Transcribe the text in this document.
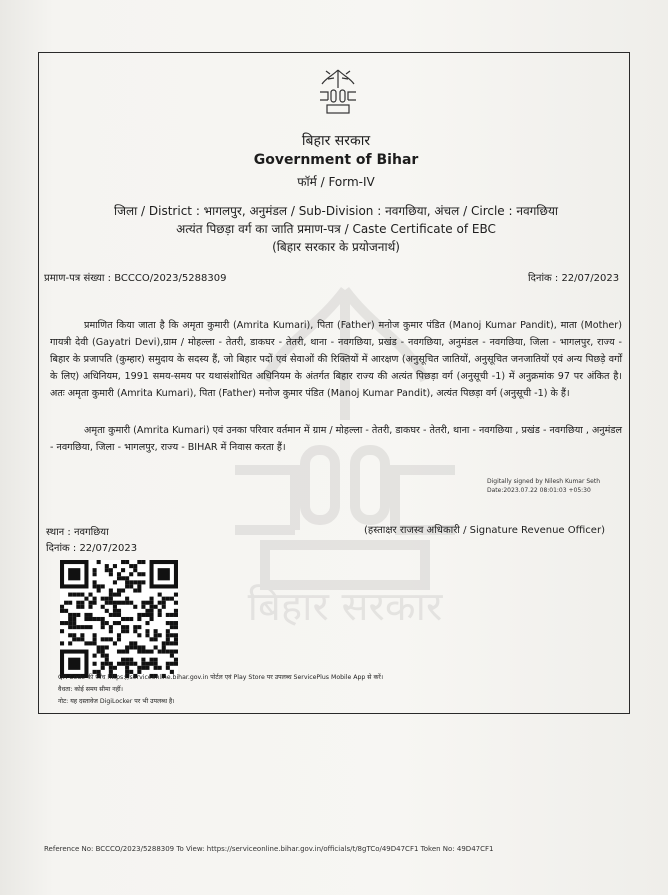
बिहार सरकार
बिहार सरकार
Government of Bihar
फॉर्म / Form-IV
जिला / District : भागलपुर, अनुमंडल / Sub-Division : नवगछिया, अंचल / Circle : नवगछिया
अत्यंत पिछड़ा वर्ग का जाति प्रमाण-पत्र / Caste Certificate of EBC
(बिहार सरकार के प्रयोजनार्थ)
प्रमाण-पत्र संख्या : BCCCO/2023/5288309	दिनांक : 22/07/2023
प्रमाणित किया जाता है कि अमृता कुमारी (Amrita Kumari), पिता (Father) मनोज कुमार पंडित (Manoj Kumar Pandit), माता (Mother) गायत्री देवी (Gayatri Devi),ग्राम / मोहल्ला - तेतरी, डाकघर - तेतरी, थाना - नवगछिया, प्रखंड - नवगछिया, अनुमंडल - नवगछिया, जिला - भागलपुर, राज्य - बिहार के प्रजापति (कुम्हार) समुदाय के सदस्य हैं, जो बिहार पदों एवं सेवाओं की रिक्तियों में आरक्षण (अनुसूचित जातियों, अनुसूचित जनजातियों एवं अन्य पिछड़े वर्गों के लिए) अधिनियम, 1991 समय-समय पर यथासंशोधित अधिनियम के अंतर्गत बिहार राज्य की अत्यंत पिछड़ा वर्ग (अनुसूची -1) में अनुक्रमांक 97 पर अंकित है। अतः अमृता कुमारी (Amrita Kumari), पिता (Father) मनोज कुमार पंडित (Manoj Kumar Pandit), अत्यंत पिछड़ा वर्ग (अनुसूची -1) के हैं।
अमृता कुमारी (Amrita Kumari) एवं उनका परिवार वर्तमान में ग्राम / मोहल्ला - तेतरी, डाकघर - तेतरी, थाना - नवगछिया , प्रखंड - नवगछिया , अनुमंडल - नवगछिया, जिला - भागलपुर, राज्य - BIHAR में निवास करता हैं।
Digitally signed by Nilesh Kumar Seth
Date:2023.07.22 08:01:03 +05:30
स्थान : नवगछिया
दिनांक : 22/07/2023
(हस्ताक्षर राजस्व अधिकारी / Signature Revenue Officer)
QR Code की जाँच https://serviceonline.bihar.gov.in पोर्टल एवं Play Store पर उपलब्ध ServicePlus Mobile App से करें।
वैधता: कोई समय सीमा नहीं।
नोट: यह दस्तावेज DigiLocker पर भी उपलब्ध है।
Reference No: BCCCO/2023/5288309 To View: https://serviceonline.bihar.gov.in/officials/t/8gTCo/49D47CF1 Token No: 49D47CF1
